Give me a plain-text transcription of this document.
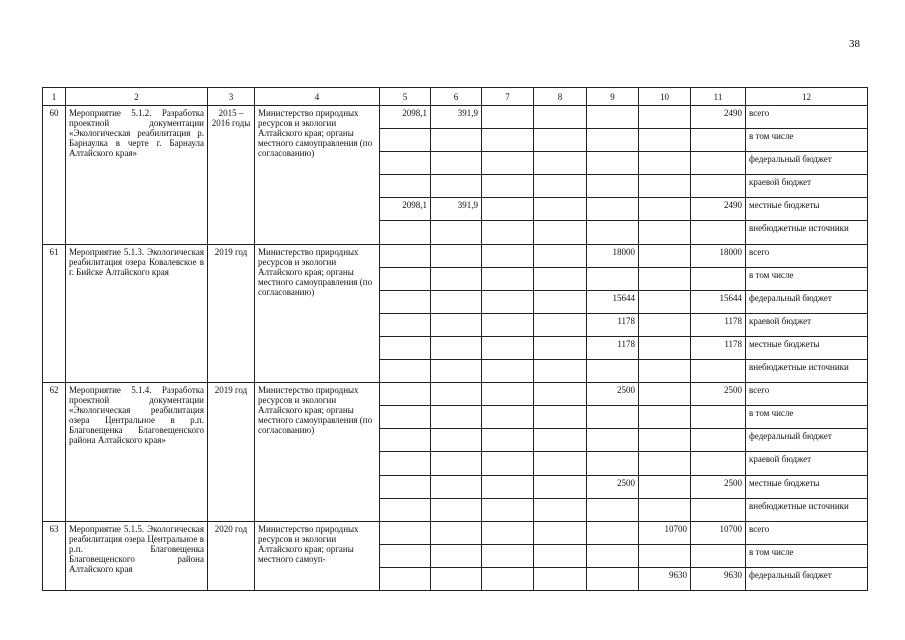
38
1	2	3	4	5	6	7	8	9	10	11	12
60	Мероприятие 5.1.2. Разработка проектной документации «Экологическая реабилитация р. Барнаулка в черте г. Барнаула Алтайского края»	2015 – 2016 годы	Министерство природных ресурсов и экологии Алтайского края; органы местного самоуправления (по согласованию)	2098,1	391,9					2490	всего
											в том числе
											федеральный бюджет
											краевой бюджет
				2098,1	391,9					2490	местные бюджеты
											внебюджетные источники
61	Мероприятие 5.1.3. Экологическая реабилитация озера Ковалевское в г. Бийске Алтайского края	2019 год	Министерство природных ресурсов и экологии Алтайского края; органы местного самоуправления (по согласованию)					18000		18000	всего
											в том числе
								15644		15644	федеральный бюджет
								1178		1178	краевой бюджет
								1178		1178	местные бюджеты
											внебюджетные источники
62	Мероприятие 5.1.4. Разработка проектной документации «Экологическая реабилитация озера Центральное в р.п. Благовещенка Благовещенского района Алтайского края»	2019 год	Министерство природных ресурсов и экологии Алтайского края; органы местного самоуправления (по согласованию)					2500		2500	всего
											в том числе
											федеральный бюджет
											краевой бюджет
								2500		2500	местные бюджеты
											внебюджетные источники
63	Мероприятие 5.1.5. Экологическая реабилитация озера Центральное в р.п. Благовещенка Благовещенского района Алтайского края	2020 год	Министерство природных ресурсов и экологии Алтайского края; органы местного самоуп-						10700	10700	всего
											в том числе
									9630	9630	федеральный бюджет
